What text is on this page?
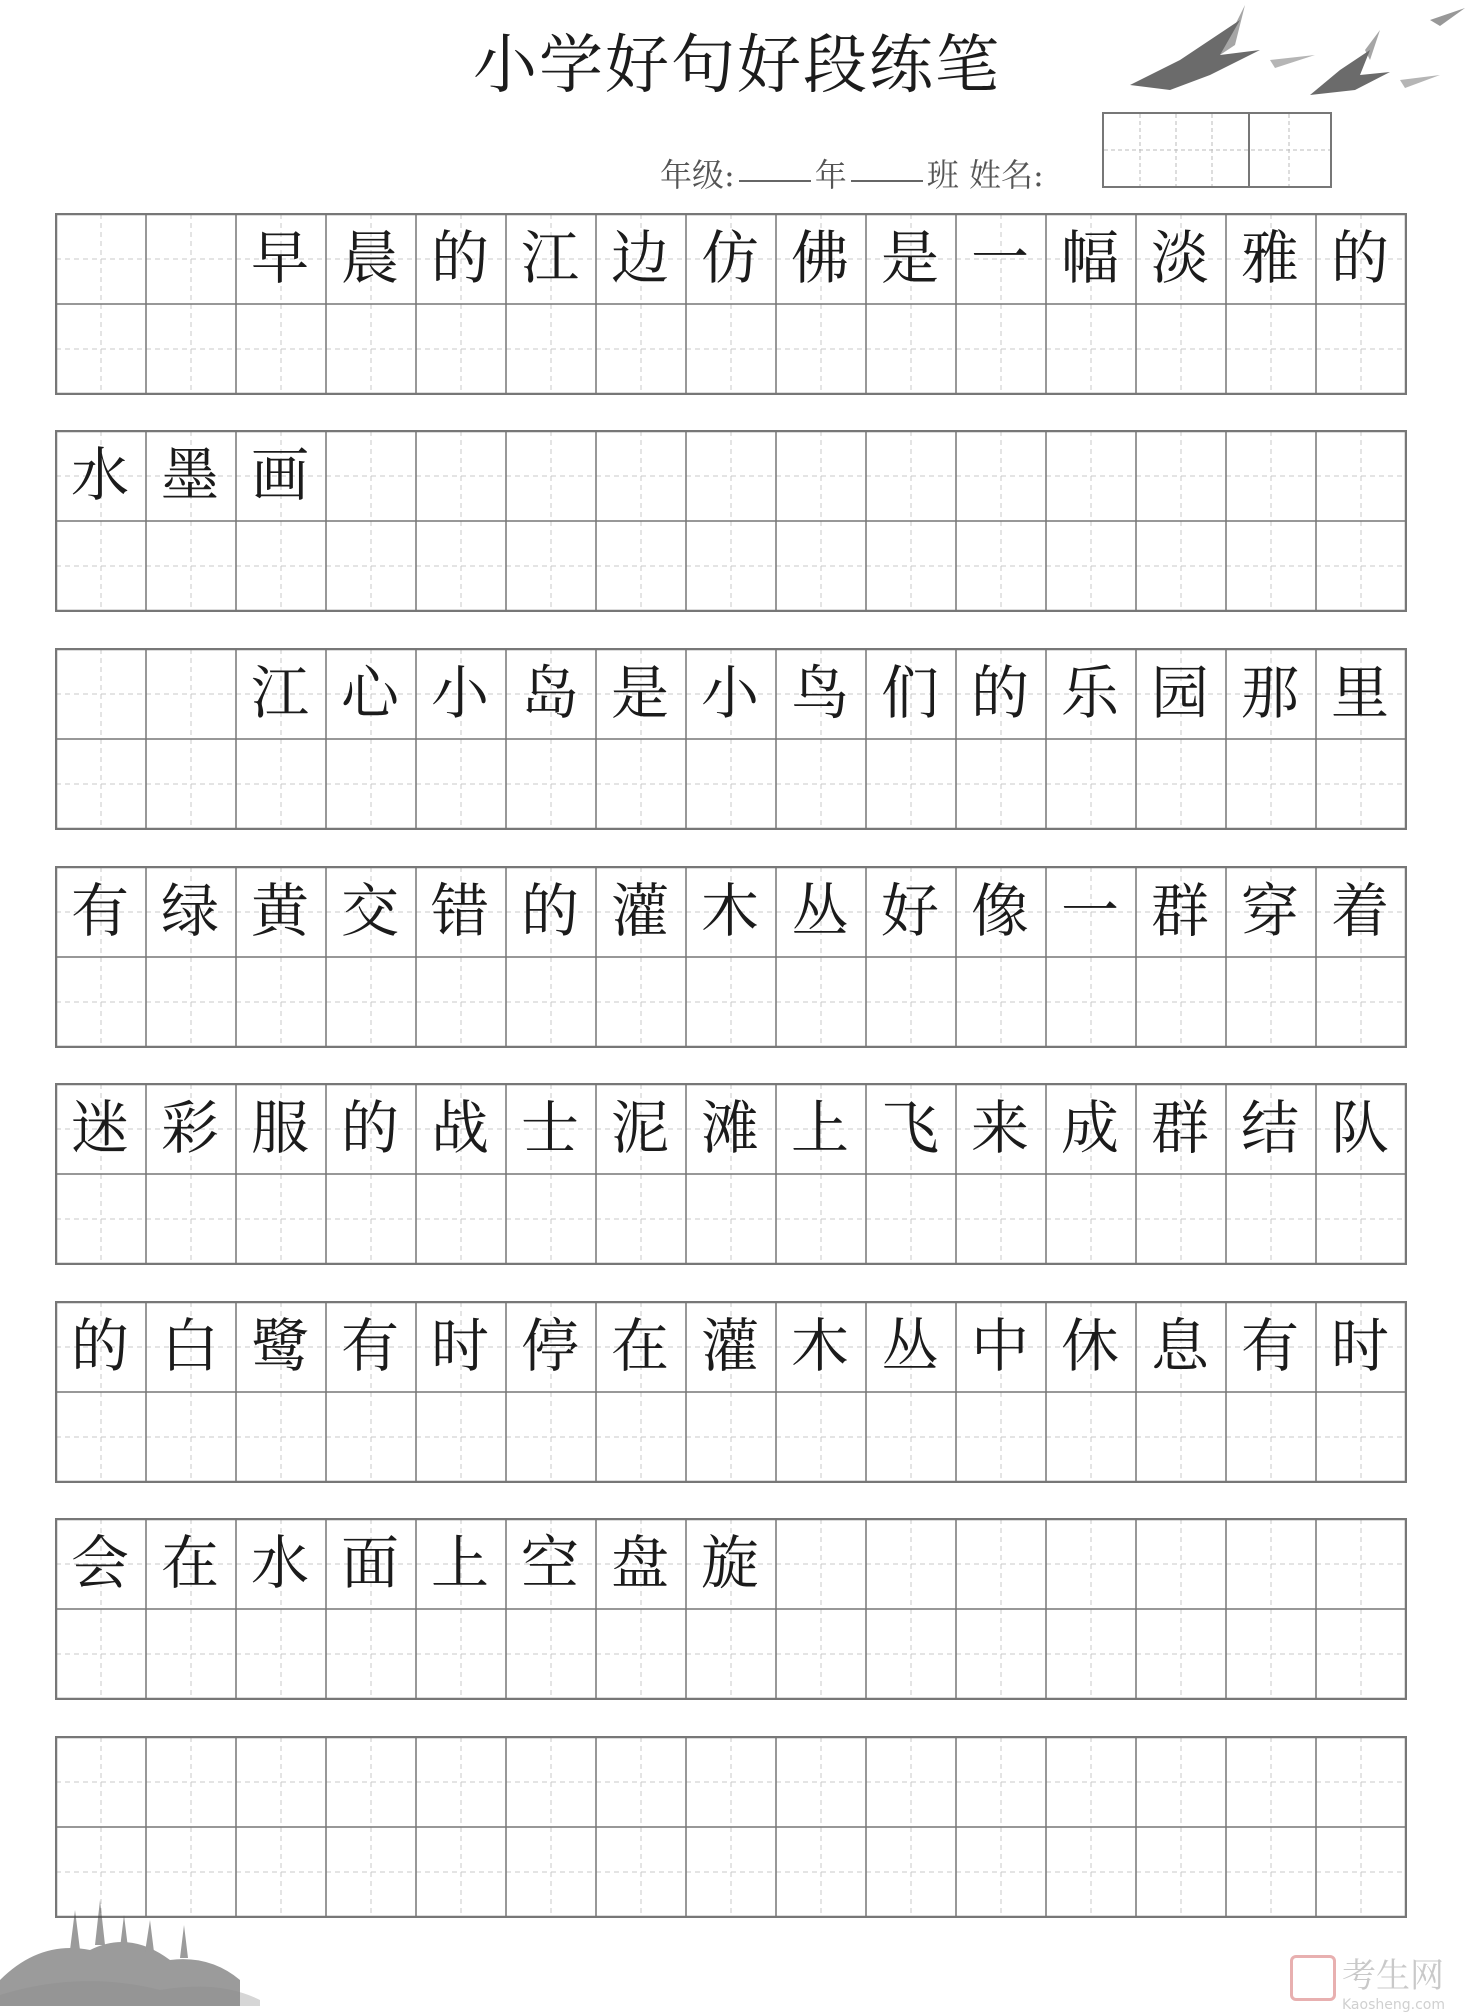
小学好句好段练笔
年级:	年	班 姓名:
早 晨 的 江 边 仿 佛 是 一 幅 淡 雅 的
水 墨 画
江 心 小 岛 是 小 鸟 们 的 乐 园 那 里
有 绿 黄 交 错 的 灌 木 丛 好 像 一 群 穿 着
迷 彩 服 的 战 士 泥 滩 上 飞 来 成 群 结 队
的 白 鹭 有 时 停 在 灌 木 丛 中 休 息 有 时
会 在 水 面 上 空 盘 旋
考生网
Kaosheng.com
